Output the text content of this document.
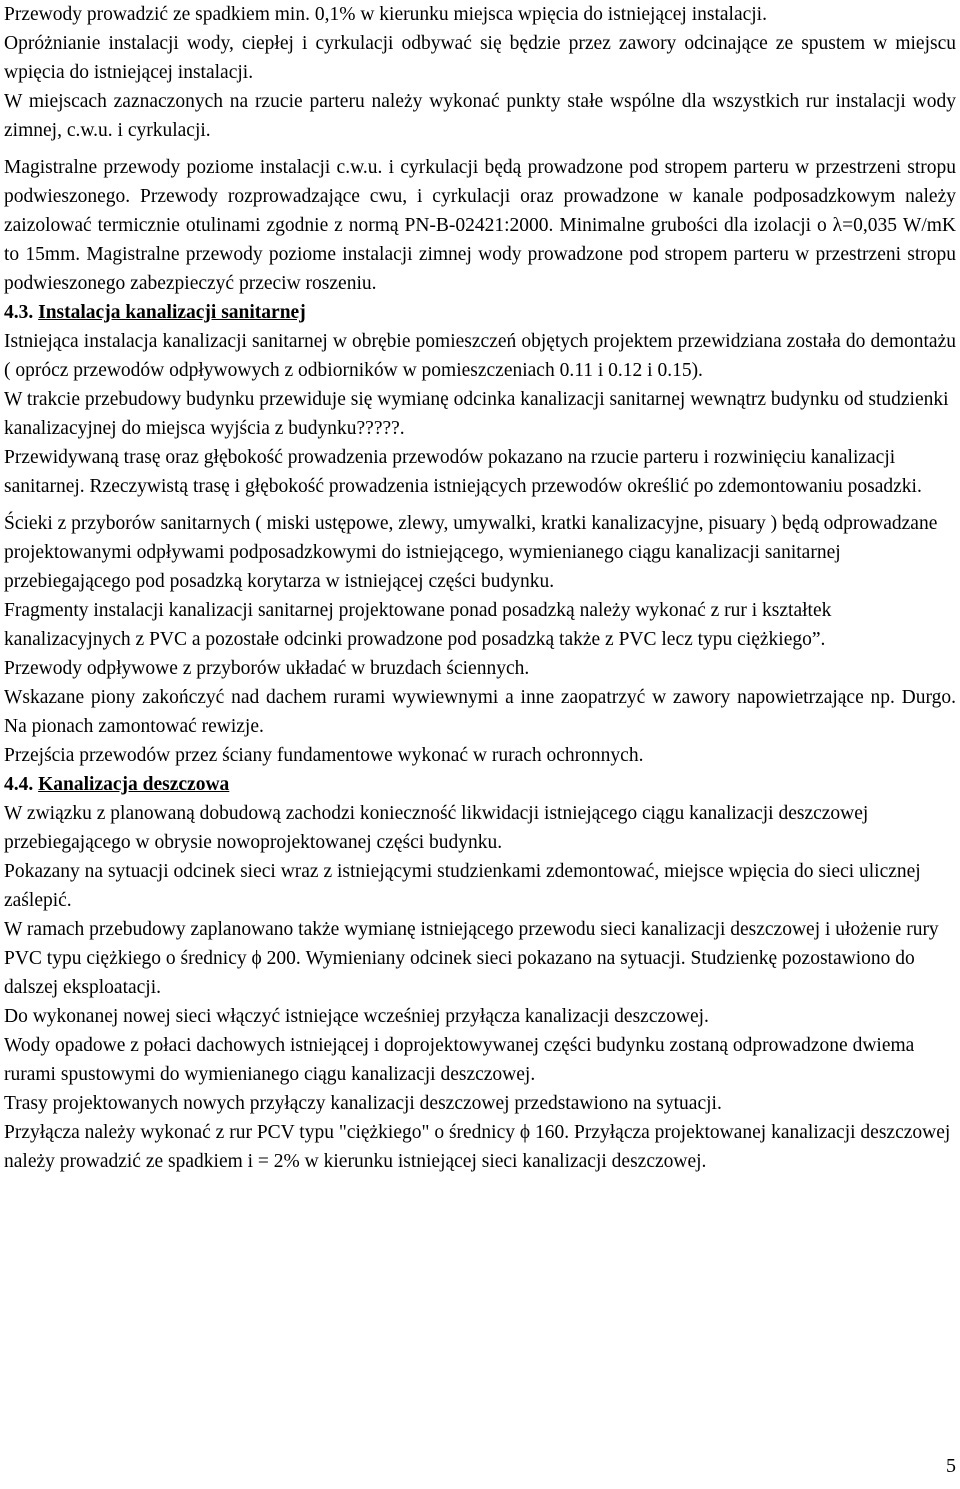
Przewody prowadzić ze spadkiem min. 0,1% w kierunku miejsca wpięcia do istniejącej instalacji.

Opróżnianie instalacji wody, ciepłej i cyrkulacji odbywać się będzie przez zawory odcinające ze spustem w miejscu wpięcia do istniejącej instalacji.

W miejscach zaznaczonych na rzucie parteru należy wykonać punkty stałe wspólne dla wszystkich rur instalacji wody zimnej, c.w.u. i cyrkulacji.

Magistralne przewody poziome instalacji c.w.u. i cyrkulacji będą prowadzone pod stropem parteru w przestrzeni stropu podwieszonego. Przewody rozprowadzające cwu, i cyrkulacji oraz prowadzone w kanale podposadzkowym należy zaizolować termicznie otulinami zgodnie z normą PN-B-02421:2000. Minimalne grubości dla izolacji o λ=0,035 W/mK to 15mm. Magistralne przewody poziome instalacji zimnej wody prowadzone pod stropem parteru w przestrzeni stropu podwieszonego zabezpieczyć przeciw roszeniu.

4.3. Instalacja kanalizacji sanitarnej

Istniejąca instalacja kanalizacji sanitarnej w obrębie pomieszczeń objętych projektem przewidziana została do demontażu ( oprócz przewodów odpływowych z odbiorników w pomieszczeniach 0.11 i 0.12 i 0.15).

W trakcie przebudowy budynku przewiduje się wymianę odcinka kanalizacji sanitarnej wewnątrz budynku od studzienki kanalizacyjnej do miejsca wyjścia z budynku?????.

Przewidywaną trasę oraz głębokość prowadzenia przewodów pokazano na rzucie parteru i rozwinięciu kanalizacji sanitarnej. Rzeczywistą trasę i głębokość prowadzenia istniejących przewodów określić po zdemontowaniu posadzki.

Ścieki z przyborów sanitarnych ( miski ustępowe, zlewy, umywalki, kratki kanalizacyjne, pisuary ) będą odprowadzane projektowanymi odpływami podposadzkowymi do istniejącego, wymienianego ciągu kanalizacji sanitarnej przebiegającego pod posadzką korytarza w istniejącej części budynku.

Fragmenty instalacji kanalizacji sanitarnej projektowane ponad posadzką należy wykonać z rur i kształtek kanalizacyjnych z PVC a pozostałe odcinki prowadzone pod posadzką także z PVC lecz typu ciężkiego”.

Przewody odpływowe z przyborów układać w bruzdach ściennych.

Wskazane piony zakończyć nad dachem rurami wywiewnymi a inne zaopatrzyć w zawory napowietrzające np. Durgo. Na pionach zamontować rewizje.

Przejścia przewodów przez ściany fundamentowe wykonać w rurach ochronnych.

4.4. Kanalizacja deszczowa

W związku z planowaną dobudową zachodzi konieczność likwidacji istniejącego ciągu kanalizacji deszczowej przebiegającego w obrysie nowoprojektowanej części budynku.

Pokazany na sytuacji odcinek sieci wraz z istniejącymi studzienkami zdemontować, miejsce wpięcia do sieci ulicznej zaślepić.

W ramach przebudowy zaplanowano także wymianę istniejącego przewodu sieci kanalizacji deszczowej i ułożenie rury PVC typu ciężkiego o średnicy ϕ 200. Wymieniany odcinek sieci pokazano na sytuacji. Studzienkę pozostawiono do dalszej eksploatacji.

Do wykonanej nowej sieci włączyć istniejące wcześniej przyłącza kanalizacji deszczowej.

Wody opadowe z połaci dachowych istniejącej i doprojektowywanej części budynku zostaną odprowadzone dwiema rurami spustowymi do wymienianego ciągu kanalizacji deszczowej.

Trasy projektowanych nowych przyłączy kanalizacji deszczowej przedstawiono na sytuacji.

Przyłącza należy wykonać z rur PCV typu "ciężkiego" o średnicy ϕ 160. Przyłącza projektowanej kanalizacji deszczowej należy prowadzić ze spadkiem i = 2% w kierunku istniejącej sieci kanalizacji deszczowej.

5
